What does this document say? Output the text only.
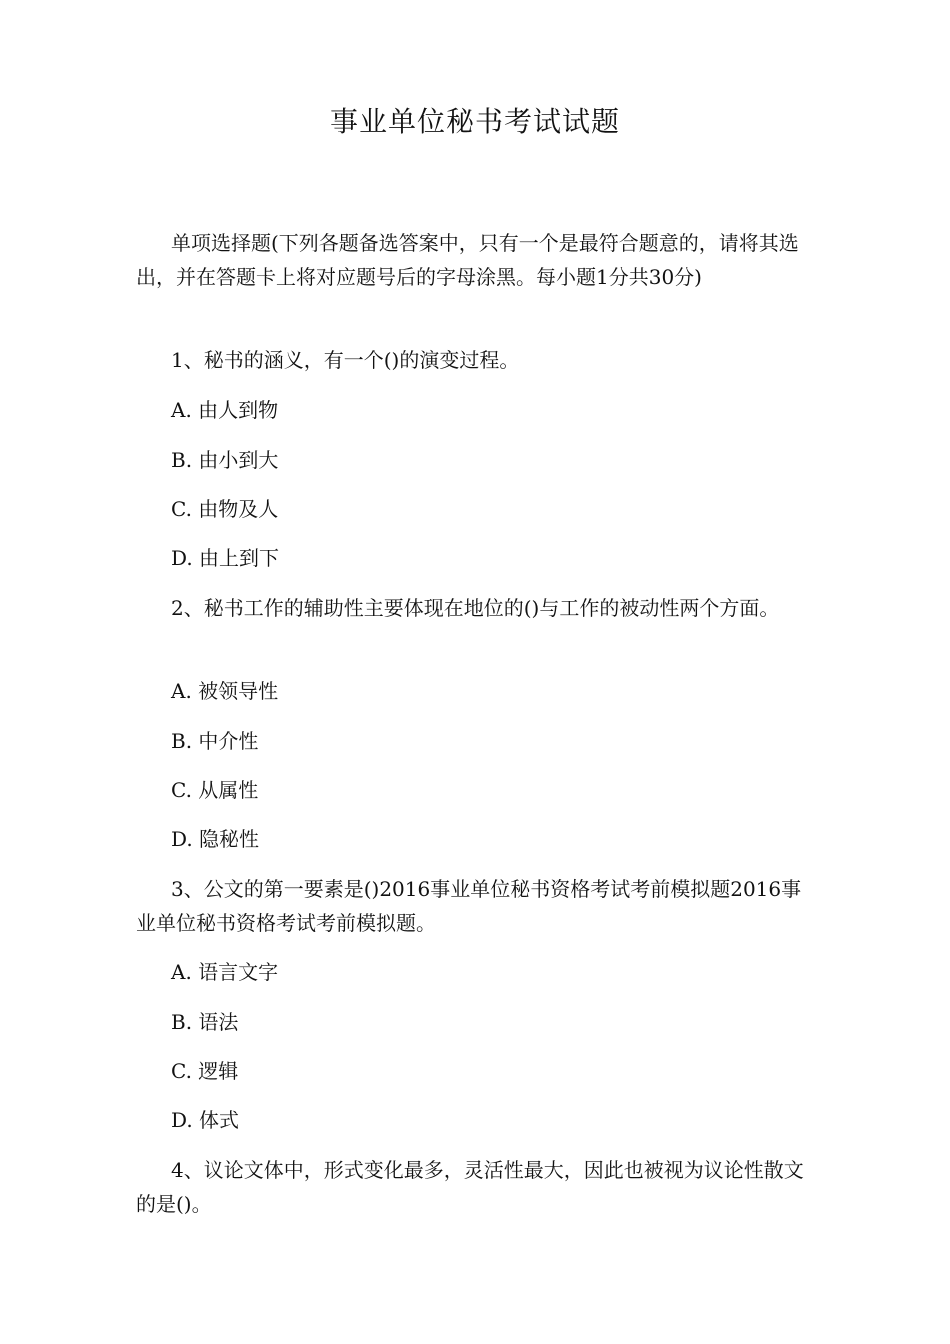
事业单位秘书考试试题
单项选择题(下列各题备选答案中，只有一个是最符合题意的，请将其选出，并在答题卡上将对应题号后的字母涂黑。每小题1分共30分)
1、秘书的涵义，有一个()的演变过程。
A. 由人到物
B. 由小到大
C. 由物及人
D. 由上到下
2、秘书工作的辅助性主要体现在地位的()与工作的被动性两个方面。
A. 被领导性
B. 中介性
C. 从属性
D. 隐秘性
3、公文的第一要素是()2016事业单位秘书资格考试考前模拟题2016事业单位秘书资格考试考前模拟题。
A. 语言文字
B. 语法
C. 逻辑
D. 体式
4、议论文体中，形式变化最多，灵活性最大，因此也被视为议论性散文的是()。
